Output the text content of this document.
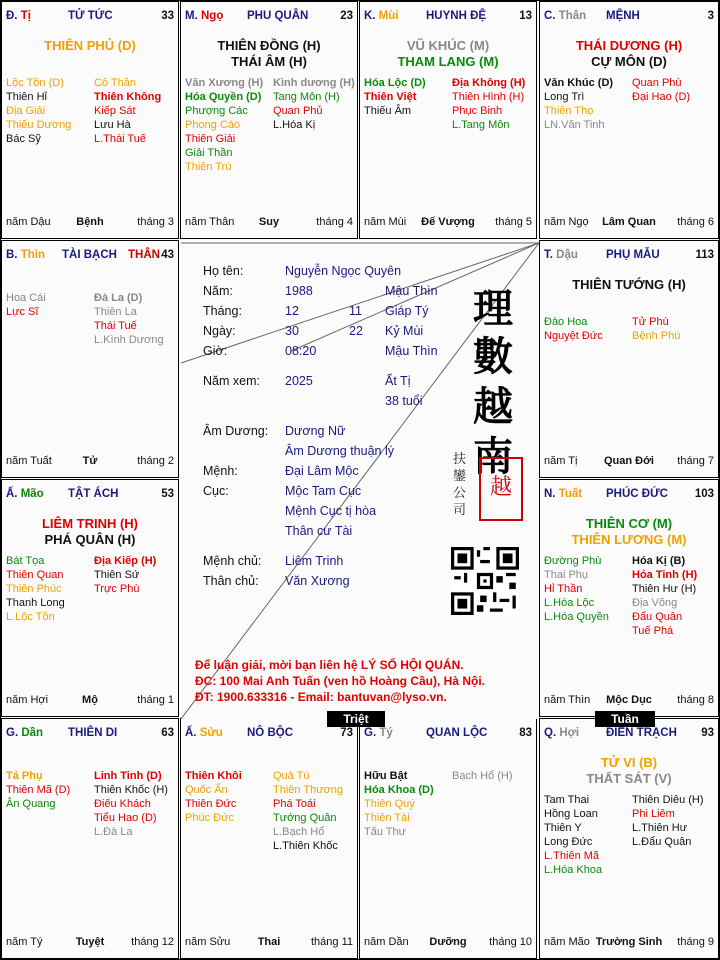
Đ. Tị	TỬ TỨC	33
THIÊN PHỦ (D)
Lộc Tồn (D)
Thiên Hỉ
Địa Giải
Thiếu Dương
Bác Sỹ
Cô Thần
Thiên Không
Kiếp Sát
Lưu Hà
L.Thái Tuế
Bệnh
năm Dậu	tháng 3
M. Ngọ PHU QUÂN	23
THIÊN ĐỒNG (H)
THÁI ÂM (H)
Văn Xương (H)
Hóa Quyền (D)
Phượng Các
Phong Cáo
Thiên Giải
Giải Thần
Thiên Trù
Kình dương (H)
Tang Môn (H)
Quan Phủ
L.Hóa Kị
Suy
năm Thân	tháng 4
K. Mùi HUYNH ĐỆ	13
VŨ KHÚC (M)
THAM LANG (M)
Hóa Lộc (D)
Thiên Việt
Thiếu Âm
Địa Không (H)
Thiên Hình (H)
Phục Binh
L.Tang Môn
Đế Vượng
năm Mùi	tháng 5
C. Thân MỆNH	3
THÁI DƯƠNG (H)
CỰ MÔN (D)
Văn Khúc (D)
Long Trì
Thiên Thọ
LN.Văn Tinh
Quan Phù
Đại Hao (D)
Lâm Quan
năm Ngọ	tháng 6
B. Thìn TÀI BẠCH THÂN 43
Hoa Cái
Lực Sĩ
Đà La (D)
Thiên La
Thái Tuế
L.Kình Dương
Tử
năm Tuất	tháng 2
T. Dậu PHỤ MẪU	113
THIÊN TƯỚNG (H)
Đào Hoa
Nguyệt Đức
Tử Phù
Bệnh Phù
Quan Đới
năm Tị	tháng 7
Ấ. Mão TẬT ÁCH	53
LIÊM TRINH (H)
PHÁ QUÂN (H)
Bát Tọa
Thiên Quan
Thiên Phúc
Thanh Long
L.Lộc Tồn
Địa Kiếp (H)
Thiên Sứ
Trực Phù
Mộ
năm Hợi	tháng 1
N. Tuất PHÚC ĐỨC 103
THIÊN CƠ (M)
THIÊN LƯƠNG (M)
Đường Phù
Thai Phụ
Hỉ Thần
L.Hóa Lộc
L.Hóa Quyền
Hóa Kị (B)
Hỏa Tinh (H)
Thiên Hư (H)
Địa Võng
Đẩu Quân
Tuế Phá
Mộc Dục
năm Thìn	tháng 8
G. Dần THIÊN DI	63
Tả Phụ
Thiên Mã (D)
Ân Quang
Linh Tinh (D)
Thiên Khốc (H)
Điếu Khách
Tiểu Hao (D)
L.Đà La
Tuyệt
năm Tý	tháng 12
Ấ. Sửu NÔ BỘC	73
Thiên Khôi
Quốc Ấn
Thiên Đức
Phúc Đức
Quả Tú
Thiên Thương
Phá Toái
Tướng Quân
L.Bạch Hổ
L.Thiên Khốc
Thai
năm Sửu	tháng 11
G. Tý	QUAN LỘC	83
Hữu Bật
Hóa Khoa (D)
Thiên Quý
Thiên Tài
Tấu Thư
Bạch Hổ (H)
Dưỡng
năm Dần	tháng 10
Q. Hợi ĐIỀN TRẠCH 93
TỬ VI (B)
THẤT SÁT (V)
Tam Thai
Hồng Loan
Thiên Y
Long Đức
L.Thiên Mã
L.Hóa Khoa
Thiên Diêu (H)
Phi Liêm
L.Thiên Hư
L.Đẩu Quân
Trường Sinh
năm Mão	tháng 9
Họ tên:	Nguyễn Ngọc Quyên
Năm:	1988	Mậu Thìn
Tháng:	12	11 Giáp Tý
Ngày:	30	22 Kỷ Mùi
Giờ:	08:20	Mậu Thìn
Năm xem: 2025	Ất Tị
38 tuổi
Âm Dương: Dương Nữ
Âm Dương thuận lý
Mệnh:	Đại Lâm Mộc
Cục:	Mộc Tam Cục
Mệnh Cục tị hòa
Thân cư Tài
Mệnh chủ: Liêm Trinh
Thân chủ: Văn Xương
理
數
越
南
扶
鑾
公
司
越
Để luận giải, mời bạn liên hệ LÝ SỐ HỘI QUÁN.
ĐC: 100 Mai Anh Tuấn (ven hồ Hoàng Cầu), Hà Nội.
ĐT: 1900.633316 - Email: bantuvan@lyso.vn.
Triệt	Tuần
